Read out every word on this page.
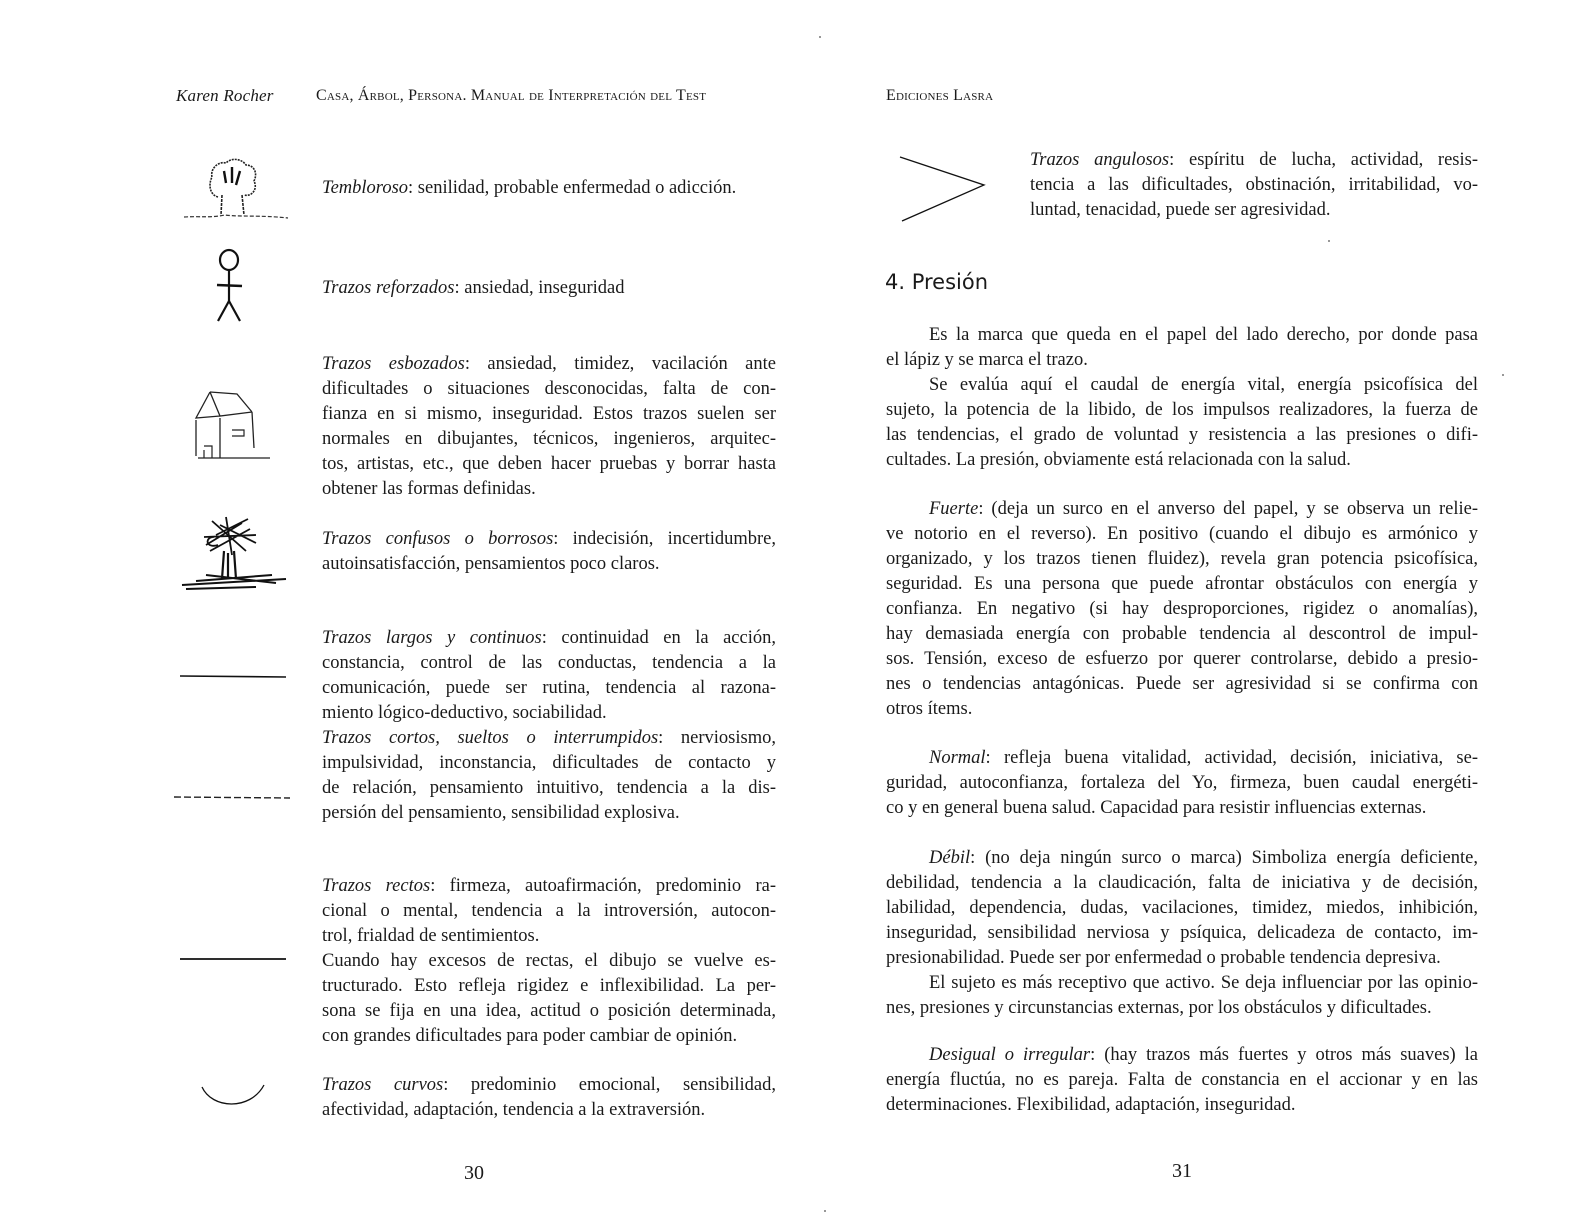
Karen Rocher	Casa, Árbol, Persona. Manual de Interpretación del Test
Tembloroso: senilidad, probable enfermedad o adicción.
Trazos reforzados: ansiedad, inseguridad
Trazos esbozados: ansiedad, timidez, vacilación ante
dificultades o situaciones desconocidas, falta de con-
fianza en si mismo, inseguridad. Estos trazos suelen ser
normales en dibujantes, técnicos, ingenieros, arquitec-
tos, artistas, etc., que deben hacer pruebas y borrar hasta
obtener las formas definidas.
Trazos confusos o borrosos: indecisión, incertidumbre,
autoinsatisfacción, pensamientos poco claros.
Trazos largos y continuos: continuidad en la acción,
constancia, control de las conductas, tendencia a la
comunicación, puede ser rutina, tendencia al razona-
miento lógico-deductivo, sociabilidad.
Trazos cortos, sueltos o interrumpidos: nerviosismo,
impulsividad, inconstancia, dificultades de contacto y
de relación, pensamiento intuitivo, tendencia a la dis-
persión del pensamiento, sensibilidad explosiva.
Trazos rectos: firmeza, autoafirmación, predominio ra-
cional o mental, tendencia a la introversión, autocon-
trol, frialdad de sentimientos.
Cuando hay excesos de rectas, el dibujo se vuelve es-
tructurado. Esto refleja rigidez e inflexibilidad. La per-
sona se fija en una idea, actitud o posición determinada,
con grandes dificultades para poder cambiar de opinión.
Trazos curvos: predominio emocional, sensibilidad,
afectividad, adaptación, tendencia a la extraversión.
30
Ediciones Lasra
Trazos angulosos: espíritu de lucha, actividad, resis-
tencia a las dificultades, obstinación, irritabilidad, vo-
luntad, tenacidad, puede ser agresividad.
4. Presión
Es la marca que queda en el papel del lado derecho, por donde pasa
el lápiz y se marca el trazo.
Se evalúa aquí el caudal de energía vital, energía psicofísica del
sujeto, la potencia de la libido, de los impulsos realizadores, la fuerza de
las tendencias, el grado de voluntad y resistencia a las presiones o difi-
cultades. La presión, obviamente está relacionada con la salud.
Fuerte: (deja un surco en el anverso del papel, y se observa un relie-
ve notorio en el reverso). En positivo (cuando el dibujo es armónico y
organizado, y los trazos tienen fluidez), revela gran potencia psicofísica,
seguridad. Es una persona que puede afrontar obstáculos con energía y
confianza. En negativo (si hay desproporciones, rigidez o anomalías),
hay demasiada energía con probable tendencia al descontrol de impul-
sos. Tensión, exceso de esfuerzo por querer controlarse, debido a presio-
nes o tendencias antagónicas. Puede ser agresividad si se confirma con
otros ítems.
Normal: refleja buena vitalidad, actividad, decisión, iniciativa, se-
guridad, autoconfianza, fortaleza del Yo, firmeza, buen caudal energéti-
co y en general buena salud. Capacidad para resistir influencias externas.
Débil: (no deja ningún surco o marca) Simboliza energía deficiente,
debilidad, tendencia a la claudicación, falta de iniciativa y de decisión,
labilidad, dependencia, dudas, vacilaciones, timidez, miedos, inhibición,
inseguridad, sensibilidad nerviosa y psíquica, delicadeza de contacto, im-
presionabilidad. Puede ser por enfermedad o probable tendencia depresiva.
El sujeto es más receptivo que activo. Se deja influenciar por las opinio-
nes, presiones y circunstancias externas, por los obstáculos y dificultades.
Desigual o irregular: (hay trazos más fuertes y otros más suaves) la
energía fluctúa, no es pareja. Falta de constancia en el accionar y en las
determinaciones. Flexibilidad, adaptación, inseguridad.
31
